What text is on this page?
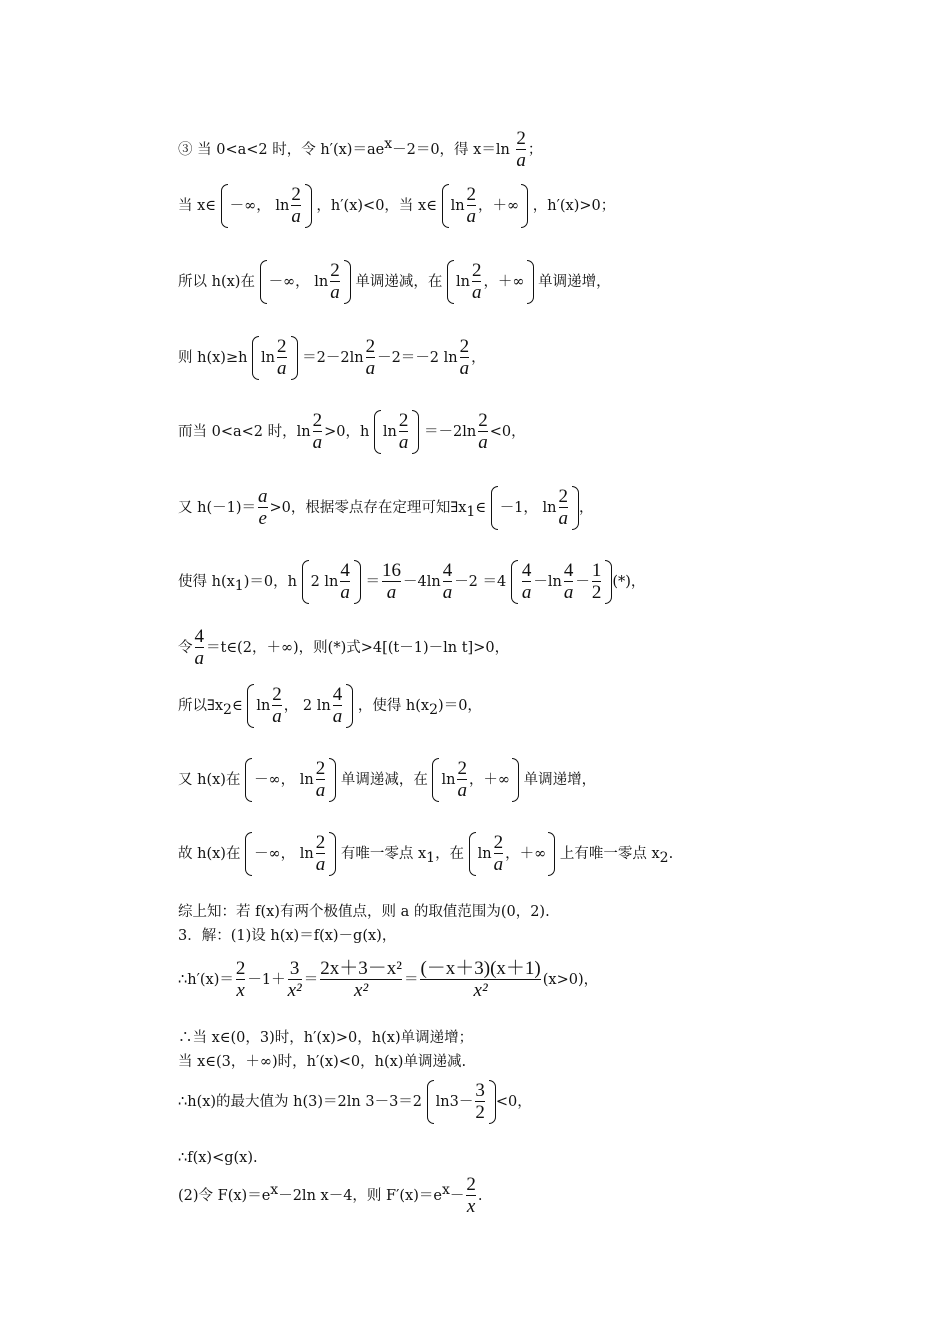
③ 当 0<a<2 时，令 $h'(x)=ae^x-2=0$，得 $x=\ln \frac{2}{a}$ ；
当 x∈ －∞， $\ln \frac{2}{a}$ ，h′(x)<0，当 x∈ $\ln \frac{2}{a}$ ，＋∞ ，h′(x)>0；
所以 h(x)在 －∞， $\ln \frac{2}{a}$ 单调递减，在 $\ln \frac{2}{a}$ ，＋∞ 单调递增，
则 h(x)≥h $\ln \frac{2}{a} =2-2\ln \frac{2}{a} -2=-2$ $\ln \frac{2}{a}$ ，
而当 0<a<2 时，$\ln \frac{2}{a} >0$，h $\ln \frac{2}{a} =-2\ln \frac{2}{a} <0$，
又 $h(-1)= \frac{a}{e} >0$，根据零点存在定理可知$\exists x_1\in -1$， $\ln \frac{2}{a}$ ，
使得 $h(x_1)=0$，h 2 $\ln \frac{4}{a} = \frac{16}{a} -4\ln \frac{4}{a} -2 =4 \frac{4}{a} -\ln \frac{4}{a} - \frac{1}{2}$ (*)，
令 $\frac{4}{a}$ ＝t∈(2，＋∞)，则(*)式>4[(t－1)－ln t]>0，
所以$\exists x_2\in$ $\ln \frac{2}{a}$ ， 2 $\ln \frac{4}{a}$ ，使得 $h(x_2)=0$，
又 h(x)在 －∞， $\ln \frac{2}{a}$ 单调递减，在 $\ln \frac{2}{a}$ ，＋∞ 单调递增，
故 h(x)在 －∞， $\ln \frac{2}{a}$ 有唯一零点 $x_1$，在 $\ln \frac{2}{a}$ ，＋∞ 上有唯一零点 $x_2$.
综上知：若 f(x)有两个极值点，则 a 的取值范围为(0，2).
3．解：(1)设 h(x)＝f(x)－g(x)，
∴h′(x)＝ $\frac{2}{x} -1+ \frac{3}{\text{x²}} = \frac{\text{2x＋3－x²}}{\text{x²}} = \frac{(-x+3)(x+1)}{\text{x²}} (x>0)$，
∴当 x∈(0，3)时，h′(x)>0，h(x)单调递增；
当 x∈(3，＋∞)时，h′(x)<0，h(x)单调递减.
∴h(x)的最大值为 h(3)＝2ln 3－3＝2 $\ln 3- \frac{3}{2} <0$，
∴f(x)<g(x).
(2)令 $F(x)=e^x-2\ln$ x－4，则 $F'(x)=e^x- \frac{2}{x}$ .
